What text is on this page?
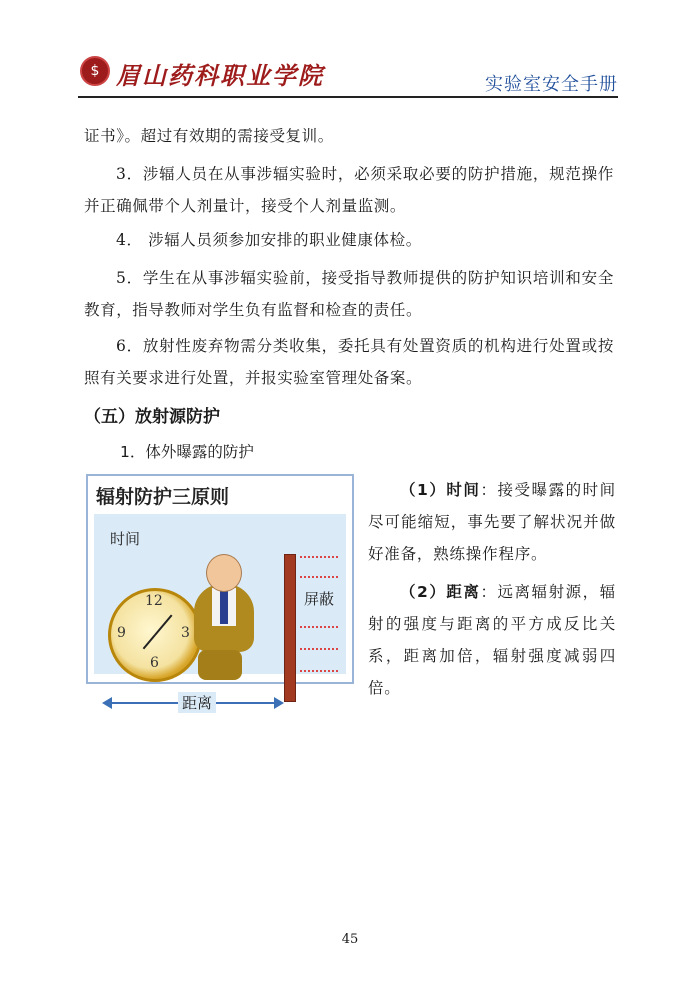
$ 眉山药科职业学院	实验室安全手册
证书》。超过有效期的需接受复训。
3．涉辐人员在从事涉辐实验时，必须采取必要的防护措施，规范操作并正确佩带个人剂量计，接受个人剂量监测。
4． 涉辐人员须参加安排的职业健康体检。
5．学生在从事涉辐实验前，接受指导教师提供的防护知识培训和安全教育，指导教师对学生负有监督和检查的责任。
6．放射性废弃物需分类收集，委托具有处置资质的机构进行处置或按照有关要求进行处置，并报实验室管理处备案。
（五）放射源防护
1．体外曝露的防护
辐射防护三原则
时间
12
3
6
9
屏蔽
距离
（1）时间：接受曝露的时间尽可能缩短，事先要了解状况并做好准备，熟练操作程序。
（2）距离：远离辐射源，辐射的强度与距离的平方成反比关系，距离加倍，辐射强度减弱四倍。
45
